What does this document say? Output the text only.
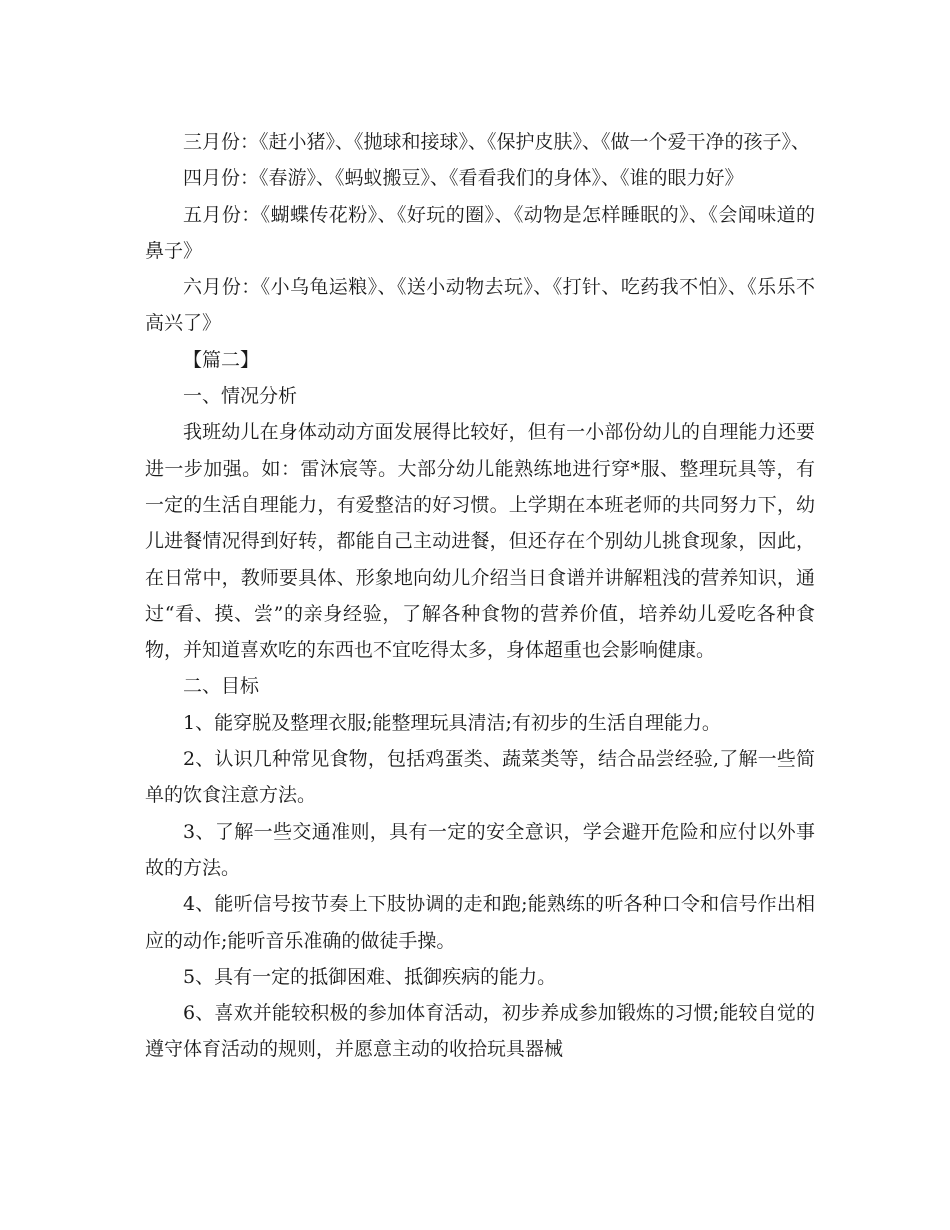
三月份：《赶小猪》、《抛球和接球》、《保护皮肤》、《做一个爱干净的孩子》、

四月份：《春游》、《蚂蚁搬豆》、《看看我们的身体》、《谁的眼力好》

五月份：《蝴蝶传花粉》、《好玩的圈》、《动物是怎样睡眠的》、《会闻味道的鼻子》

六月份：《小乌龟运粮》、《送小动物去玩》、《打针、吃药我不怕》、《乐乐不高兴了》

【篇二】

一、情况分析

我班幼儿在身体动动方面发展得比较好，但有一小部份幼儿的自理能力还要进一步加强。如：雷沐宸等。大部分幼儿能熟练地进行穿*服、整理玩具等，有一定的生活自理能力，有爱整洁的好习惯。上学期在本班老师的共同努力下，幼儿进餐情况得到好转，都能自己主动进餐，但还存在个别幼儿挑食现象，因此，在日常中，教师要具体、形象地向幼儿介绍当日食谱并讲解粗浅的营养知识，通过“看、摸、尝”的亲身经验，了解各种食物的营养价值，培养幼儿爱吃各种食物，并知道喜欢吃的东西也不宜吃得太多，身体超重也会影响健康。

二、目标

1、能穿脱及整理衣服;能整理玩具清洁;有初步的生活自理能力。

2、认识几种常见食物，包括鸡蛋类、蔬菜类等，结合品尝经验,了解一些简单的饮食注意方法。

3、了解一些交通准则，具有一定的安全意识，学会避开危险和应付以外事故的方法。

4、能听信号按节奏上下肢协调的走和跑;能熟练的听各种口令和信号作出相应的动作;能听音乐准确的做徒手操。

5、具有一定的抵御困难、抵御疾病的能力。

6、喜欢并能较积极的参加体育活动，初步养成参加锻炼的习惯;能较自觉的遵守体育活动的规则，并愿意主动的收拾玩具器械
